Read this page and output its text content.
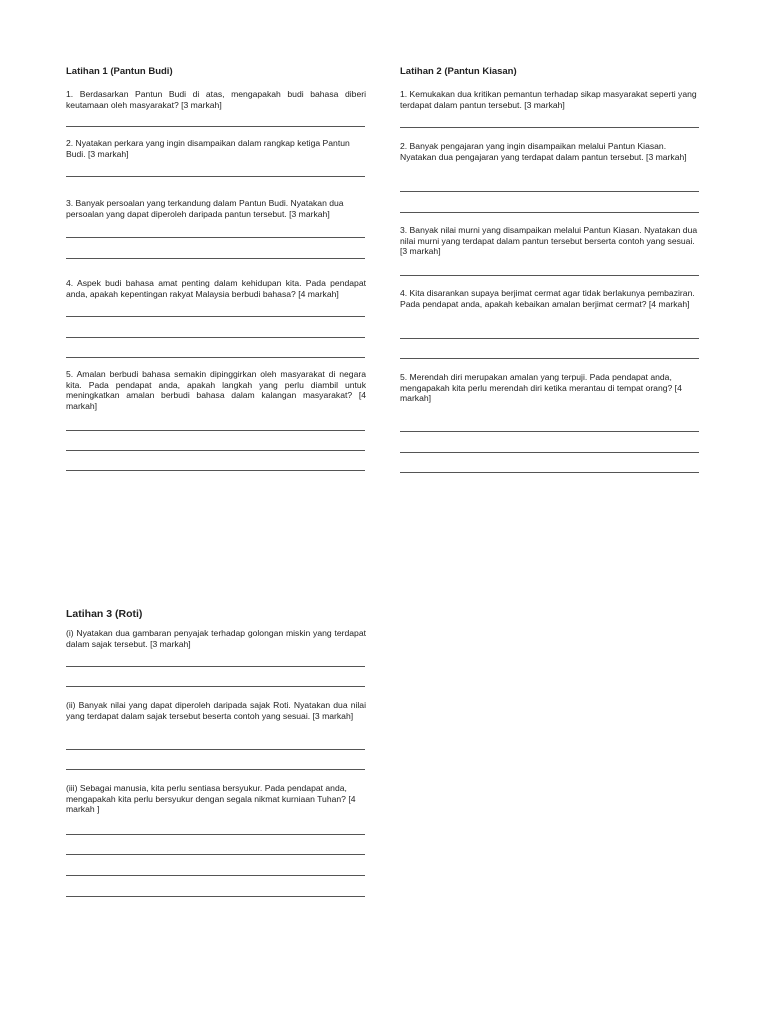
Latihan 1 (Pantun Budi)

1. Berdasarkan Pantun Budi di atas, mengapakah budi bahasa diberi keutamaan oleh masyarakat? [3 markah]

2. Nyatakan perkara yang ingin disampaikan dalam rangkap ketiga Pantun Budi. [3 markah]

3. Banyak persoalan yang terkandung dalam Pantun Budi. Nyatakan dua persoalan yang dapat diperoleh daripada pantun tersebut. [3 markah]

4. Aspek budi bahasa amat penting dalam kehidupan kita. Pada pendapat anda, apakah kepentingan rakyat Malaysia berbudi bahasa? [4 markah]

5. Amalan berbudi bahasa semakin dipinggirkan oleh masyarakat di negara kita. Pada pendapat anda, apakah langkah yang perlu diambil untuk meningkatkan amalan berbudi bahasa dalam kalangan masyarakat? [4 markah]

Latihan 2 (Pantun Kiasan)

1. Kemukakan dua kritikan pemantun terhadap sikap masyarakat seperti yang terdapat dalam pantun tersebut. [3 markah]

2. Banyak pengajaran yang ingin disampaikan melalui Pantun Kiasan. Nyatakan dua pengajaran yang terdapat dalam pantun tersebut. [3 markah]

3. Banyak nilai murni yang disampaikan melalui Pantun Kiasan. Nyatakan dua nilai murni yang terdapat dalam pantun tersebut berserta contoh yang sesuai. [3 markah]

4. Kita disarankan supaya berjimat cermat agar tidak berlakunya pembaziran. Pada pendapat anda, apakah kebaikan amalan berjimat cermat? [4 markah]

5. Merendah diri merupakan amalan yang terpuji. Pada pendapat anda, mengapakah kita perlu merendah diri ketika merantau di tempat orang? [4 markah]

Latihan 3 (Roti)

(i) Nyatakan dua gambaran penyajak terhadap golongan miskin yang terdapat dalam sajak tersebut. [3 markah]

(ii) Banyak nilai yang dapat diperoleh daripada sajak Roti. Nyatakan dua nilai yang terdapat dalam sajak tersebut beserta contoh yang sesuai. [3 markah]

(iii) Sebagai manusia, kita perlu sentiasa bersyukur. Pada pendapat anda, mengapakah kita perlu bersyukur dengan segala nikmat kurniaan Tuhan? [4 markah ]
